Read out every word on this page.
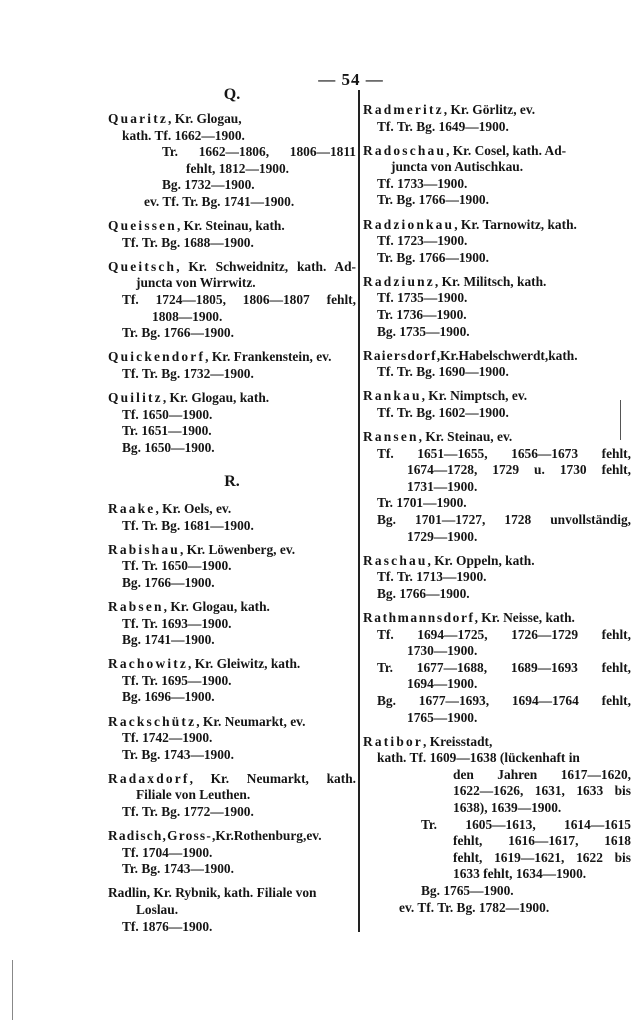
— 54 —
Q.
Quaritz, Kr. Glogau,
kath. Tf. 1662—1900.
Tr. 1662—1806, 1806—1811
fehlt, 1812—1900.
Bg. 1732—1900.
ev. Tf. Tr. Bg. 1741—1900.
Queissen, Kr. Steinau, kath.
Tf. Tr. Bg. 1688—1900.
Queitsch, Kr. Schweidnitz, kath. Ad-
juncta von Wirrwitz.
Tf. 1724—1805, 1806—1807 fehlt,
1808—1900.
Tr. Bg. 1766—1900.
Quickendorf, Kr. Frankenstein, ev.
Tf. Tr. Bg. 1732—1900.
Quilitz, Kr. Glogau, kath.
Tf. 1650—1900.
Tr. 1651—1900.
Bg. 1650—1900.
R.
Raake, Kr. Oels, ev.
Tf. Tr. Bg. 1681—1900.
Rabishau, Kr. Löwenberg, ev.
Tf. Tr. 1650—1900.
Bg. 1766—1900.
Rabsen, Kr. Glogau, kath.
Tf. Tr. 1693—1900.
Bg. 1741—1900.
Rachowitz, Kr. Gleiwitz, kath.
Tf. Tr. 1695—1900.
Bg. 1696—1900.
Rackschütz, Kr. Neumarkt, ev.
Tf. 1742—1900.
Tr. Bg. 1743—1900.
Radaxdorf, Kr. Neumarkt, kath.
Filiale von Leuthen.
Tf. Tr. Bg. 1772—1900.
Radisch,Gross-,Kr.Rothenburg,ev.
Tf. 1704—1900.
Tr. Bg. 1743—1900.
Radlin, Kr. Rybnik, kath. Filiale von
Loslau.
Tf. 1876—1900.
Radmeritz, Kr. Görlitz, ev.
Tf. Tr. Bg. 1649—1900.
Radoschau, Kr. Cosel, kath. Ad-
juncta von Autischkau.
Tf. 1733—1900.
Tr. Bg. 1766—1900.
Radzionkau, Kr. Tarnowitz, kath.
Tf. 1723—1900.
Tr. Bg. 1766—1900.
Radziunz, Kr. Militsch, kath.
Tf. 1735—1900.
Tr. 1736—1900.
Bg. 1735—1900.
Raiersdorf,Kr.Habelschwerdt,kath.
Tf. Tr. Bg. 1690—1900.
Rankau, Kr. Nimptsch, ev.
Tf. Tr. Bg. 1602—1900.
Ransen, Kr. Steinau, ev.
Tf. 1651—1655, 1656—1673 fehlt,
1674—1728, 1729 u. 1730 fehlt,
1731—1900.
Tr. 1701—1900.
Bg. 1701—1727, 1728 unvollständig,
1729—1900.
Raschau, Kr. Oppeln, kath.
Tf. Tr. 1713—1900.
Bg. 1766—1900.
Rathmannsdorf, Kr. Neisse, kath.
Tf. 1694—1725, 1726—1729 fehlt,
1730—1900.
Tr. 1677—1688, 1689—1693 fehlt,
1694—1900.
Bg. 1677—1693, 1694—1764 fehlt,
1765—1900.
Ratibor, Kreisstadt,
kath. Tf. 1609—1638 (lückenhaft in
den Jahren 1617—1620,
1622—1626, 1631, 1633 bis
1638), 1639—1900.
Tr. 1605—1613, 1614—1615
fehlt, 1616—1617, 1618
fehlt, 1619—1621, 1622 bis
1633 fehlt, 1634—1900.
Bg. 1765—1900.
ev. Tf. Tr. Bg. 1782—1900.
